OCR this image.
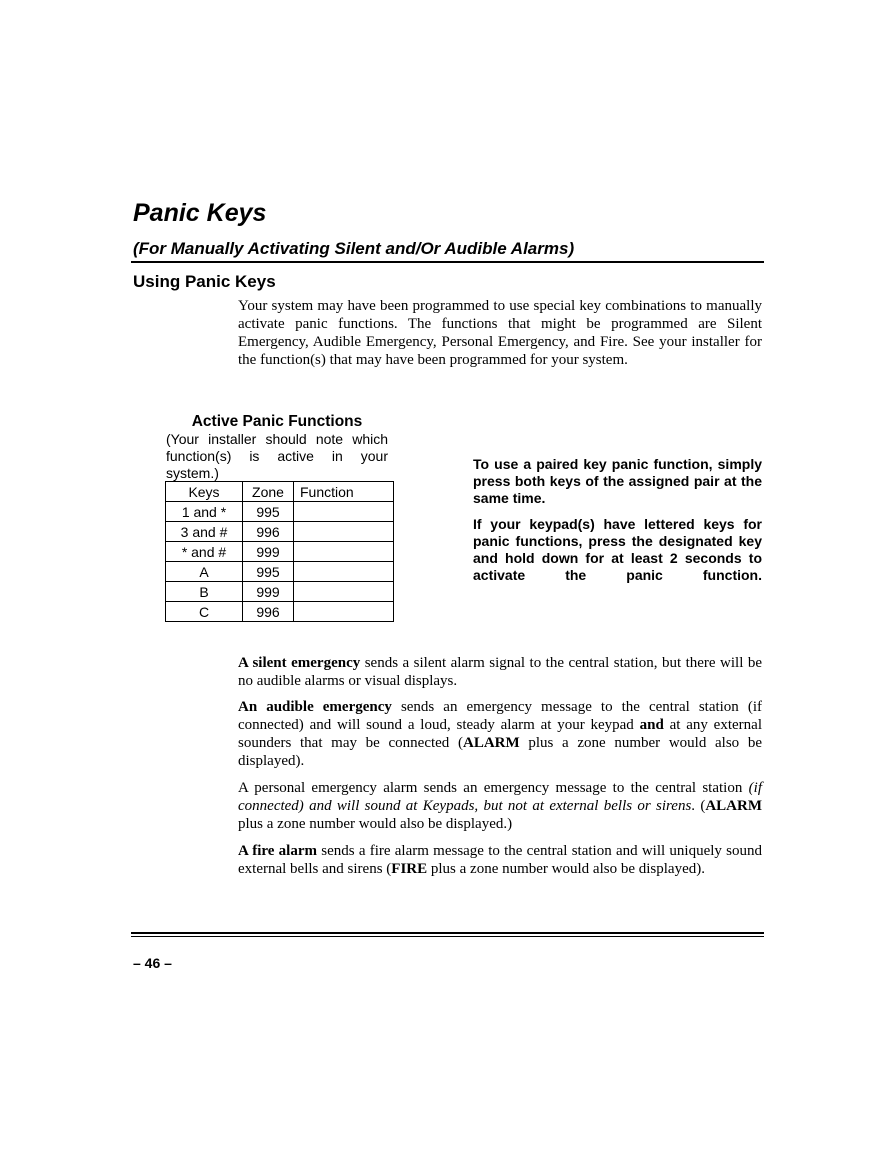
Panic Keys
(For Manually Activating Silent and/Or Audible Alarms)
Using Panic Keys

Your system may have been programmed to use special key combinations to manually activate panic functions. The functions that might be programmed are Silent Emergency, Audible Emergency, Personal Emergency, and Fire. See your installer for the function(s) that may have been programmed for your system.

Active Panic Functions
(Your installer should note which function(s) is active in your system.)
Keys	Zone	Function
1 and *	995	
3 and #	996	
* and #	999	
A	995	
B	999	
C	996	

To use a paired key panic function, simply press both keys of the assigned pair at the same time.

If your keypad(s) have lettered keys for panic functions, press the designated key and hold down for at least 2 seconds to activate the panic function.

A silent emergency sends a silent alarm signal to the central station, but there will be no audible alarms or visual displays.

An audible emergency sends an emergency message to the central station (if connected) and will sound a loud, steady alarm at your keypad and at any external sounders that may be connected (ALARM plus a zone number would also be displayed).

A personal emergency alarm sends an emergency message to the central station (if connected) and will sound at Keypads, but not at external bells or sirens. (ALARM plus a zone number would also be displayed.)

A fire alarm sends a fire alarm message to the central station and will uniquely sound external bells and sirens (FIRE plus a zone number would also be displayed).

– 46 –
